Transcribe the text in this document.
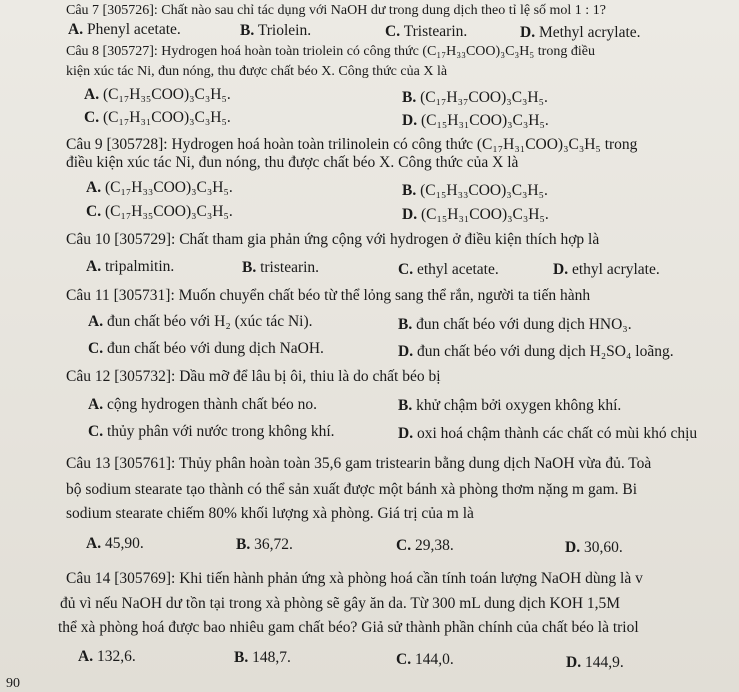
Câu 7 [305726]: Chất nào sau chỉ tác dụng với NaOH dư trong dung dịch theo tỉ lệ số mol 1 : 1?
A. Phenyl acetate.	B. Triolein.	C. Tristearin.	D. Methyl acrylate.
Câu 8 [305727]: Hydrogen hoá hoàn toàn triolein có công thức (C₁₇H₃₃COO)₃C₃H₅ trong điều
kiện xúc tác Ni, đun nóng, thu được chất béo X. Công thức của X là
A. (C₁₇H₃₅COO)₃C₃H₅.	B. (C₁₇H₃₇COO)₃C₃H₅.
C. (C₁₇H₃₁COO)₃C₃H₅.	D. (C₁₅H₃₁COO)₃C₃H₅.
Câu 9 [305728]: Hydrogen hoá hoàn toàn trilinolein có công thức (C₁₇H₃₁COO)₃C₃H₅ trong
điều kiện xúc tác Ni, đun nóng, thu được chất béo X. Công thức của X là
A. (C₁₇H₃₃COO)₃C₃H₅.	B. (C₁₅H₃₃COO)₃C₃H₅.
C. (C₁₇H₃₅COO)₃C₃H₅.	D. (C₁₅H₃₁COO)₃C₃H₅.
Câu 10 [305729]: Chất tham gia phản ứng cộng với hydrogen ở điều kiện thích hợp là
A. tripalmitin.	B. tristearin.	C. ethyl acetate.	D. ethyl acrylate.
Câu 11 [305731]: Muốn chuyển chất béo từ thể lỏng sang thể rắn, người ta tiến hành
A. đun chất béo với H₂ (xúc tác Ni).	B. đun chất béo với dung dịch HNO₃.
C. đun chất béo với dung dịch NaOH.	D. đun chất béo với dung dịch H₂SO₄ loãng.
Câu 12 [305732]: Dầu mỡ để lâu bị ôi, thiu là do chất béo bị
A. cộng hydrogen thành chất béo no.	B. khử chậm bởi oxygen không khí.
C. thủy phân với nước trong không khí.	D. oxi hoá chậm thành các chất có mùi khó chịu
Câu 13 [305761]: Thủy phân hoàn toàn 35,6 gam tristearin bằng dung dịch NaOH vừa đủ. Toà
bộ sodium stearate tạo thành có thể sản xuất được một bánh xà phòng thơm nặng m gam. Bi
sodium stearate chiếm 80% khối lượng xà phòng. Giá trị của m là
A. 45,90.	B. 36,72.	C. 29,38.	D. 30,60.
Câu 14 [305769]: Khi tiến hành phản ứng xà phòng hoá cần tính toán lượng NaOH dùng là v
đủ vì nếu NaOH dư tồn tại trong xà phòng sẽ gây ăn da. Từ 300 mL dung dịch KOH 1,5M
thể xà phòng hoá được bao nhiêu gam chất béo? Giả sử thành phần chính của chất béo là triol
A. 132,6.	B. 148,7.	C. 144,0.	D. 144,9.
90
